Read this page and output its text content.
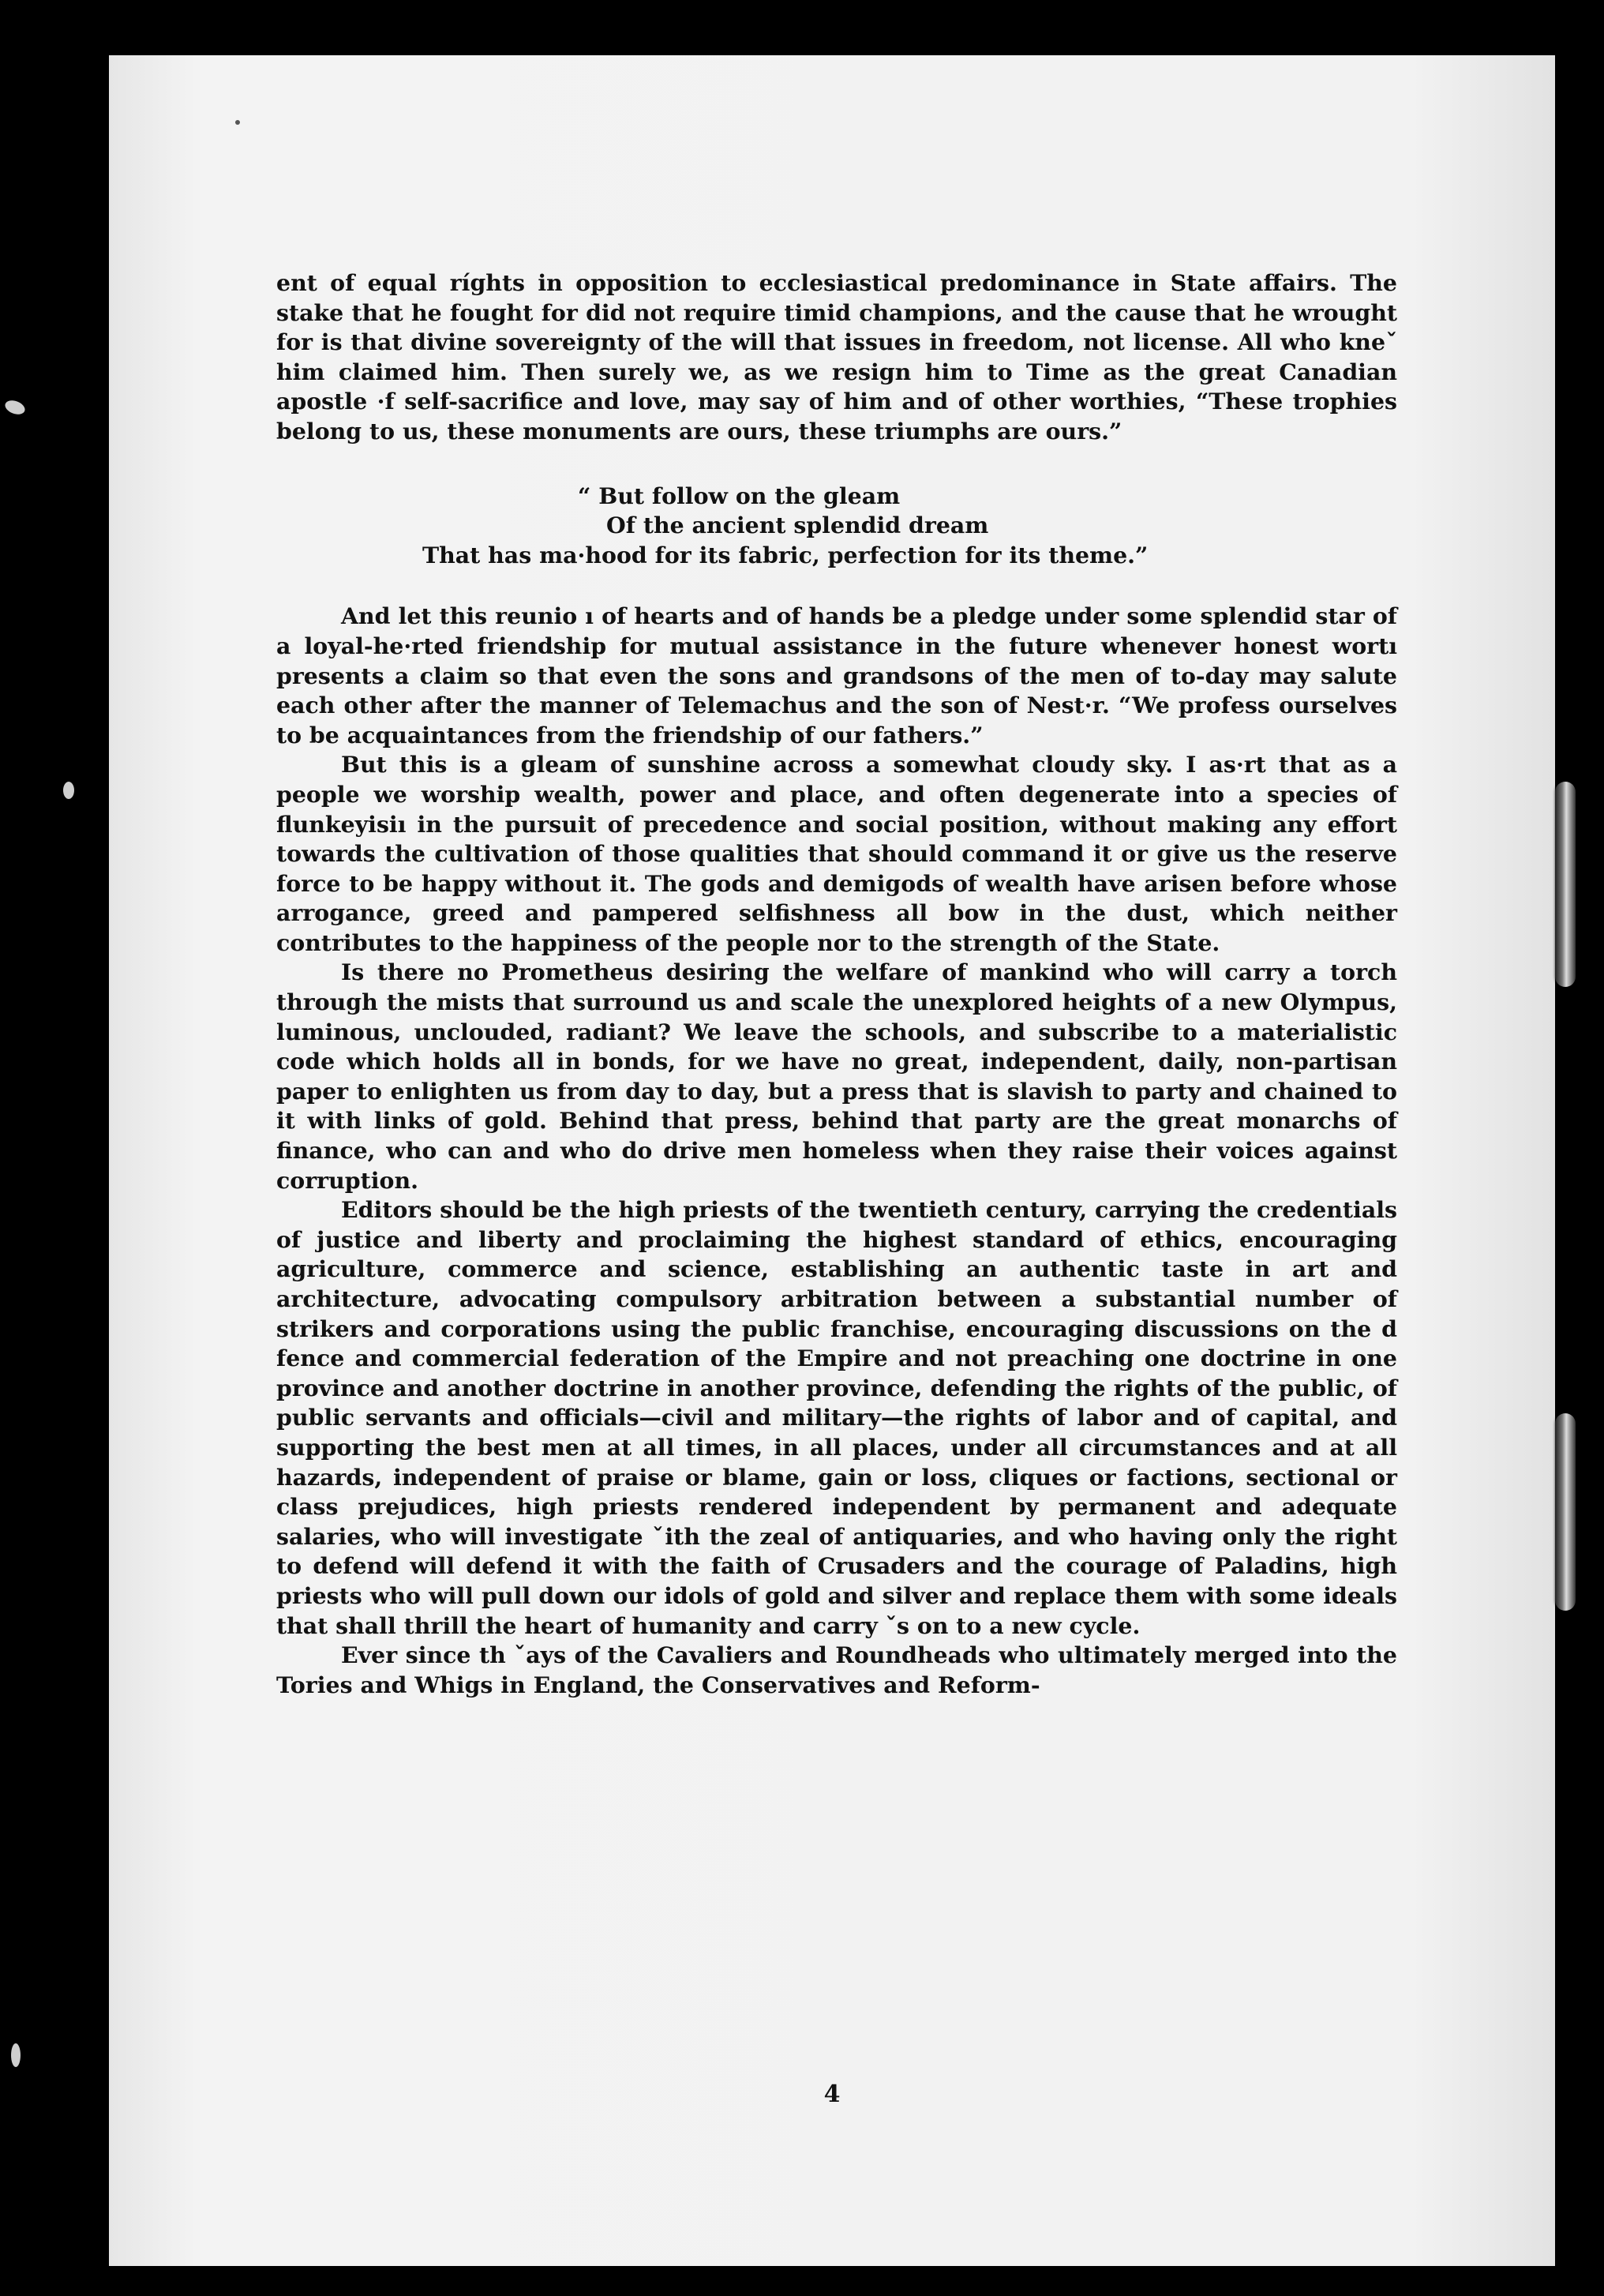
ent of equal ríghts in opposition to ecclesiastical predominance in State affairs. The stake that he fought for did not require timid champions, and the cause that he wrought for is that divine sovereignty of the will that issues in freedom, not license. All who kneˇ him claimed him. Then surely we, as we resign him to Time as the great Canadian apostle ·f self-sacrifice and love, may say of him and of other worthies, “These trophies belong to us, these monuments are ours, these triumphs are ours.”

“ But follow on the gleam
Of the ancient splendid dream
That has ma·hood for its fabric, perfection for its theme.”

And let this reunio ı of hearts and of hands be a pledge under some splendid star of a loyal-he·rted friendship for mutual assistance in the future whenever honest wortı presents a claim so that even the sons and grandsons of the men of to-day may salute each other after the manner of Telemachus and the son of Nest·r. “We profess ourselves to be acquaintances from the friendship of our fathers.”

But this is a gleam of sunshine across a somewhat cloudy sky. I as·rt that as a people we worship wealth, power and place, and often degenerate into a species of flunkeyisiı in the pursuit of precedence and social position, without making any effort towards the cultivation of those qualities that should command it or give us the reserve force to be happy without it. The gods and demigods of wealth have arisen before whose arrogance, greed and pampered selfishness all bow in the dust, which neither contributes to the happiness of the people nor to the strength of the State.

Is there no Prometheus desiring the welfare of mankind who will carry a torch through the mists that surround us and scale the unexplored heights of a new Olympus, luminous, unclouded, radiant? We leave the schools, and subscribe to a materialistic code which holds all in bonds, for we have no great, independent, daily, non-partisan paper to enlighten us from day to day, but a press that is slavish to party and chained to it with links of gold. Behind that press, behind that party are the great monarchs of finance, who can and who do drive men homeless when they raise their voices against corruption.

Editors should be the high priests of the twentieth century, carrying the credentials of justice and liberty and proclaiming the highest standard of ethics, encouraging agriculture, commerce and science, establishing an authentic taste in art and architecture, advocating compulsory arbitration between a substantial number of strikers and corporations using the public franchise, encouraging discussions on the d fence and commercial federation of the Empire and not preaching one doctrine in one province and another doctrine in another province, defending the rights of the public, of public servants and officials—civil and military—the rights of labor and of capital, and supporting the best men at all times, in all places, under all circumstances and at all hazards, independent of praise or blame, gain or loss, cliques or factions, sectional or class prejudices, high priests rendered independent by permanent and adequate salaries, who will investigate ˇith the zeal of antiquaries, and who having only the right to defend will defend it with the faith of Crusaders and the courage of Paladins, high priests who will pull down our idols of gold and silver and replace them with some ideals that shall thrill the heart of humanity and carry ˇs on to a new cycle.

Ever since th ˇays of the Cavaliers and Roundheads who ultimately merged into the Tories and Whigs in England, the Conservatives and Reform-

4
